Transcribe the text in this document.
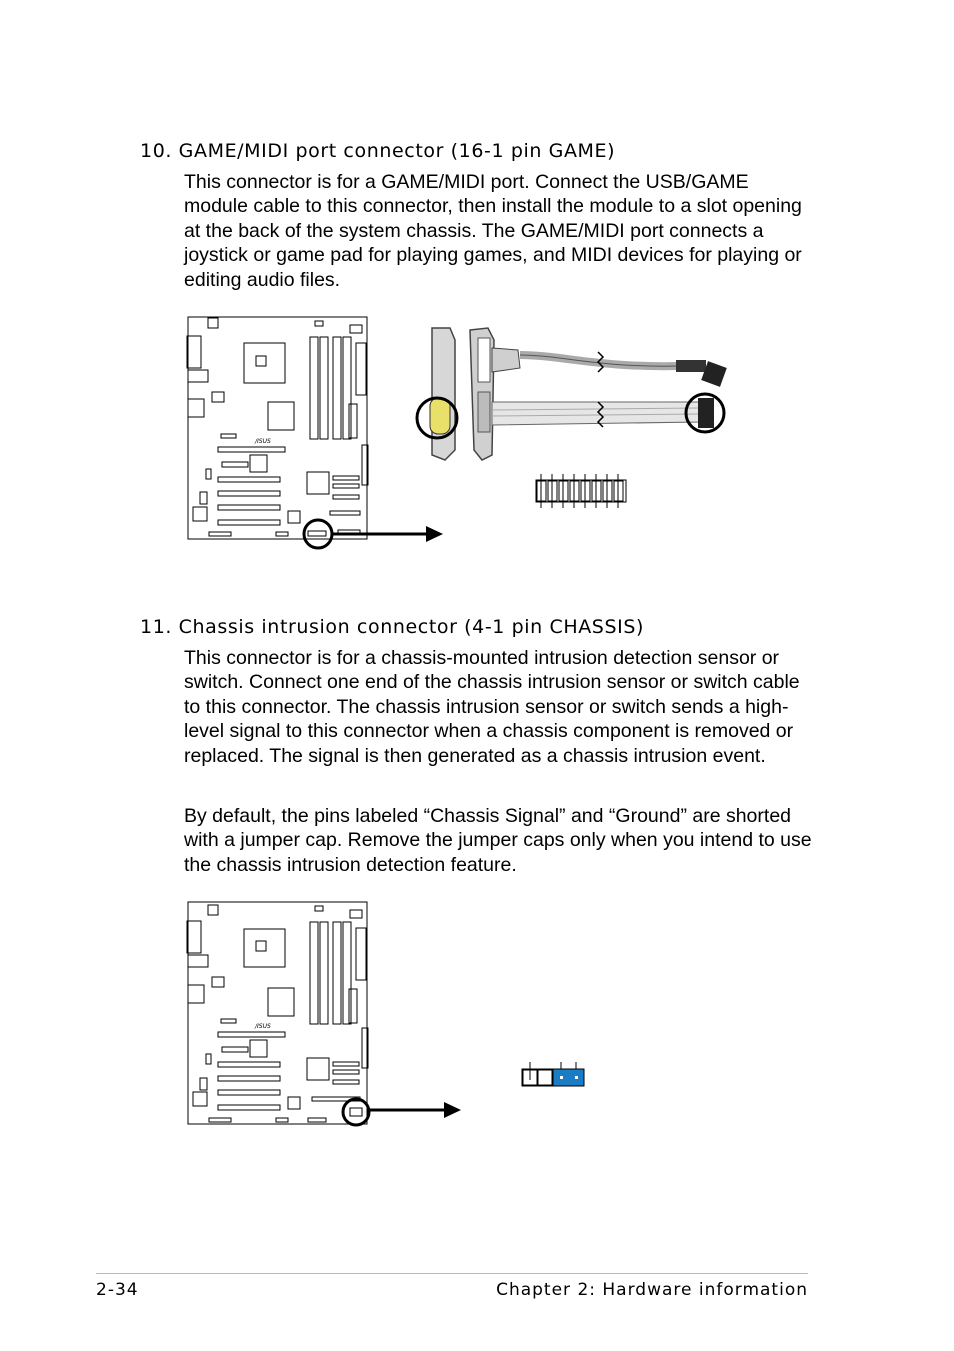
10. GAME/MIDI port connector (16-1 pin GAME)
This connector is for a GAME/MIDI port. Connect the USB/GAME module cable to this connector, then install the module to a slot opening at the back of the system chassis. The GAME/MIDI port connects a joystick or game pad for playing games, and MIDI devices for playing or editing audio files.
/ISUS
11. Chassis intrusion connector (4-1 pin CHASSIS)
This connector is for a chassis-mounted intrusion detection sensor or switch. Connect one end of the chassis intrusion sensor or switch cable to this connector. The chassis intrusion sensor or switch sends a high-level signal to this connector when a chassis component is removed or replaced. The signal is then generated as a chassis intrusion event.
By default, the pins labeled “Chassis Signal” and “Ground” are shorted with a jumper cap. Remove the jumper caps only when you intend to use the chassis intrusion detection feature.
/ISUS
2-34	Chapter 2: Hardware information
